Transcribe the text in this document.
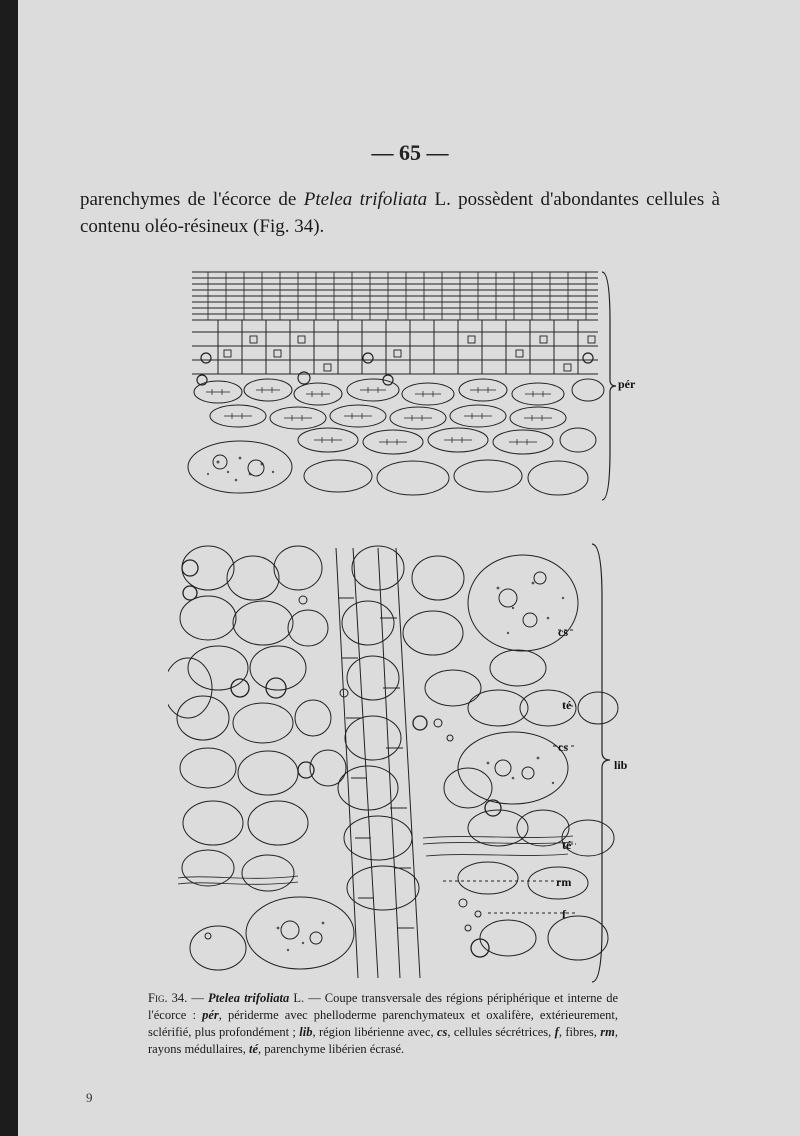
— 65 —

parenchymes de l'écorce de Ptelea trifoliata L. possèdent d'abondantes cellules à contenu oléo-résineux (Fig. 34).

pér
cs
té
cs
lib
té
rm
f

Fig. 34. — Ptelea trifoliata L. — Coupe transversale des régions périphérique et interne de l'écorce : pér, périderme avec phelloderme parenchymateux et oxalifère, extérieurement, sclérifié, plus profondément ; lib, région libérienne avec, cs, cellules sécrétrices, f, fibres, rm, rayons médullaires, té, parenchyme libérien écrasé.

9
